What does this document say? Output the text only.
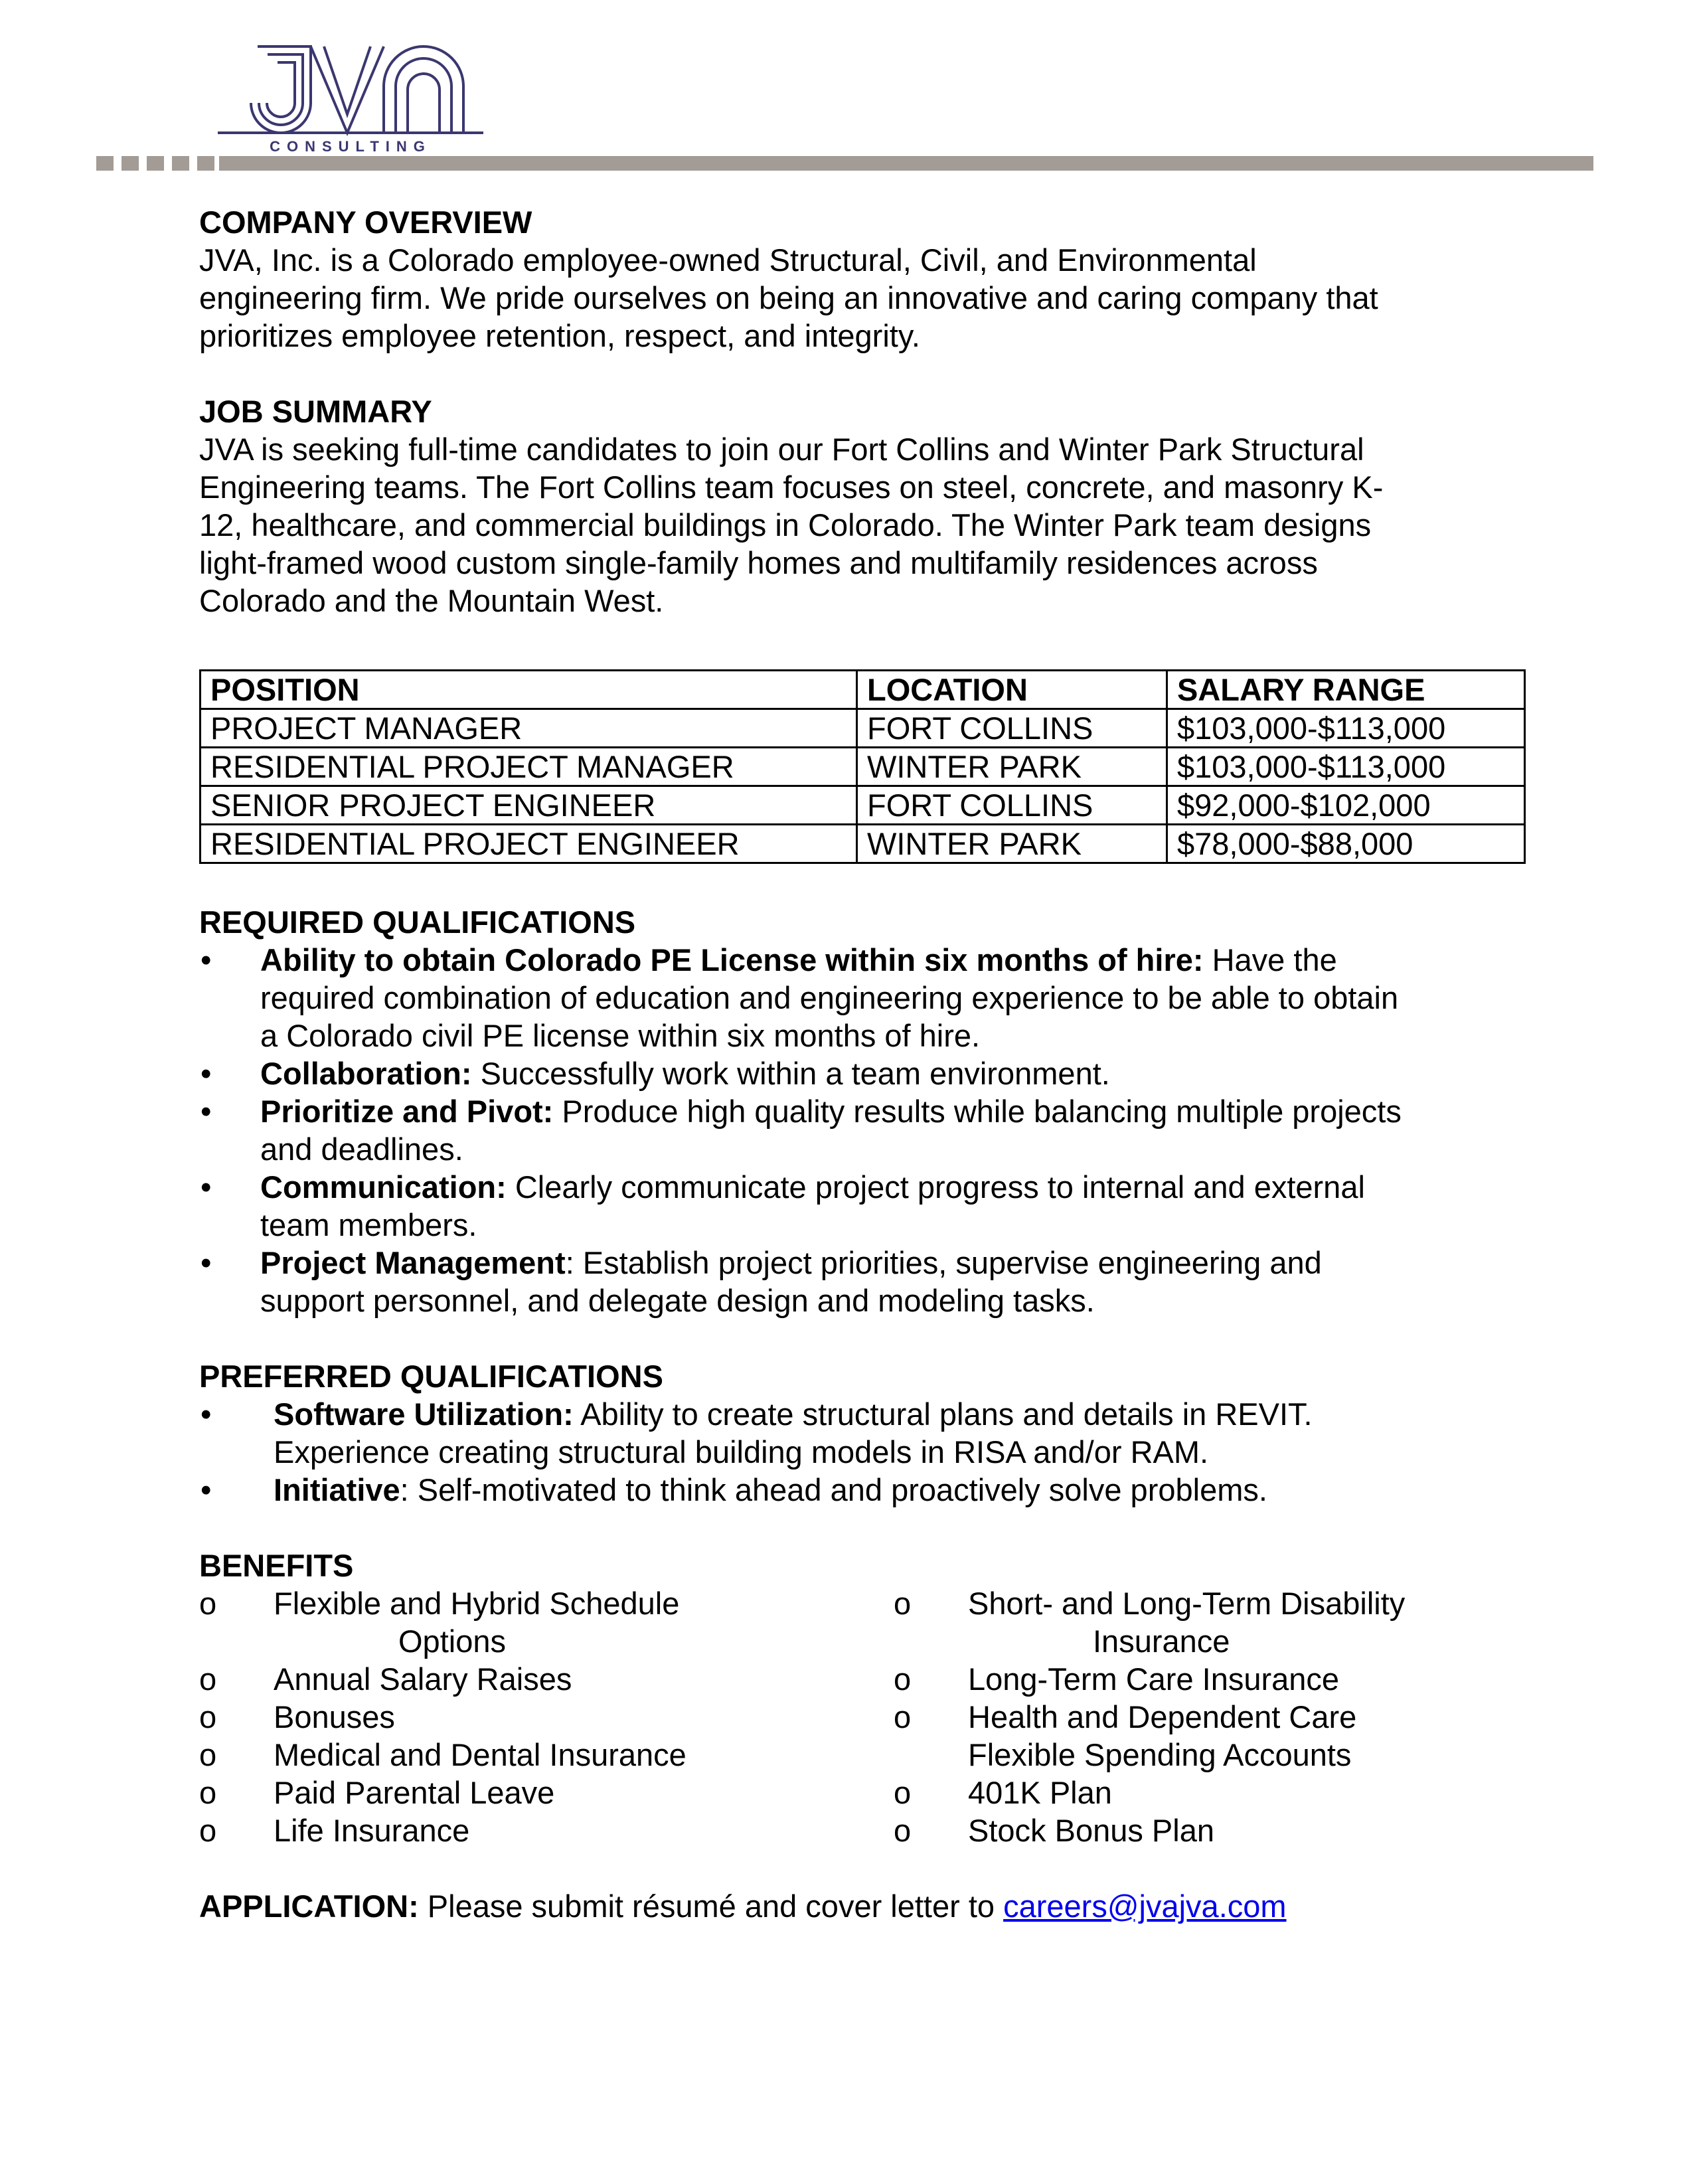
CONSULTING

COMPANY OVERVIEW

JVA, Inc. is a Colorado employee-owned Structural, Civil, and Environmental

engineering firm. We pride ourselves on being an innovative and caring company that

prioritizes employee retention, respect, and integrity.

JOB SUMMARY

JVA is seeking full-time candidates to join our Fort Collins and Winter Park Structural

Engineering teams. The Fort Collins team focuses on steel, concrete, and masonry K-

12, healthcare, and commercial buildings in Colorado. The Winter Park team designs

light-framed wood custom single-family homes and multifamily residences across

Colorado and the Mountain West.

POSITION	LOCATION	SALARY RANGE
PROJECT MANAGER	FORT COLLINS	$103,000-$113,000
RESIDENTIAL PROJECT MANAGER	WINTER PARK	$103,000-$113,000
SENIOR PROJECT ENGINEER	FORT COLLINS	$92,000-$102,000
RESIDENTIAL PROJECT ENGINEER	WINTER PARK	$78,000-$88,000

REQUIRED QUALIFICATIONS

• Ability to obtain Colorado PE License within six months of hire: Have the
required combination of education and engineering experience to be able to obtain
a Colorado civil PE license within six months of hire.
• Collaboration: Successfully work within a team environment.
• Prioritize and Pivot: Produce high quality results while balancing multiple projects
and deadlines.
• Communication: Clearly communicate project progress to internal and external
team members.
• Project Management: Establish project priorities, supervise engineering and
support personnel, and delegate design and modeling tasks.

PREFERRED QUALIFICATIONS

• Software Utilization: Ability to create structural plans and details in REVIT.
Experience creating structural building models in RISA and/or RAM.
• Initiative: Self-motivated to think ahead and proactively solve problems.

BENEFITS

o Flexible and Hybrid Schedule
Options
o Annual Salary Raises
o Bonuses
o Medical and Dental Insurance
o Paid Parental Leave
o Life Insurance
o Short- and Long-Term Disability
Insurance
o Long-Term Care Insurance
o Health and Dependent Care
Flexible Spending Accounts
o 401K Plan
o Stock Bonus Plan

APPLICATION: Please submit résumé and cover letter to careers@jvajva.com
